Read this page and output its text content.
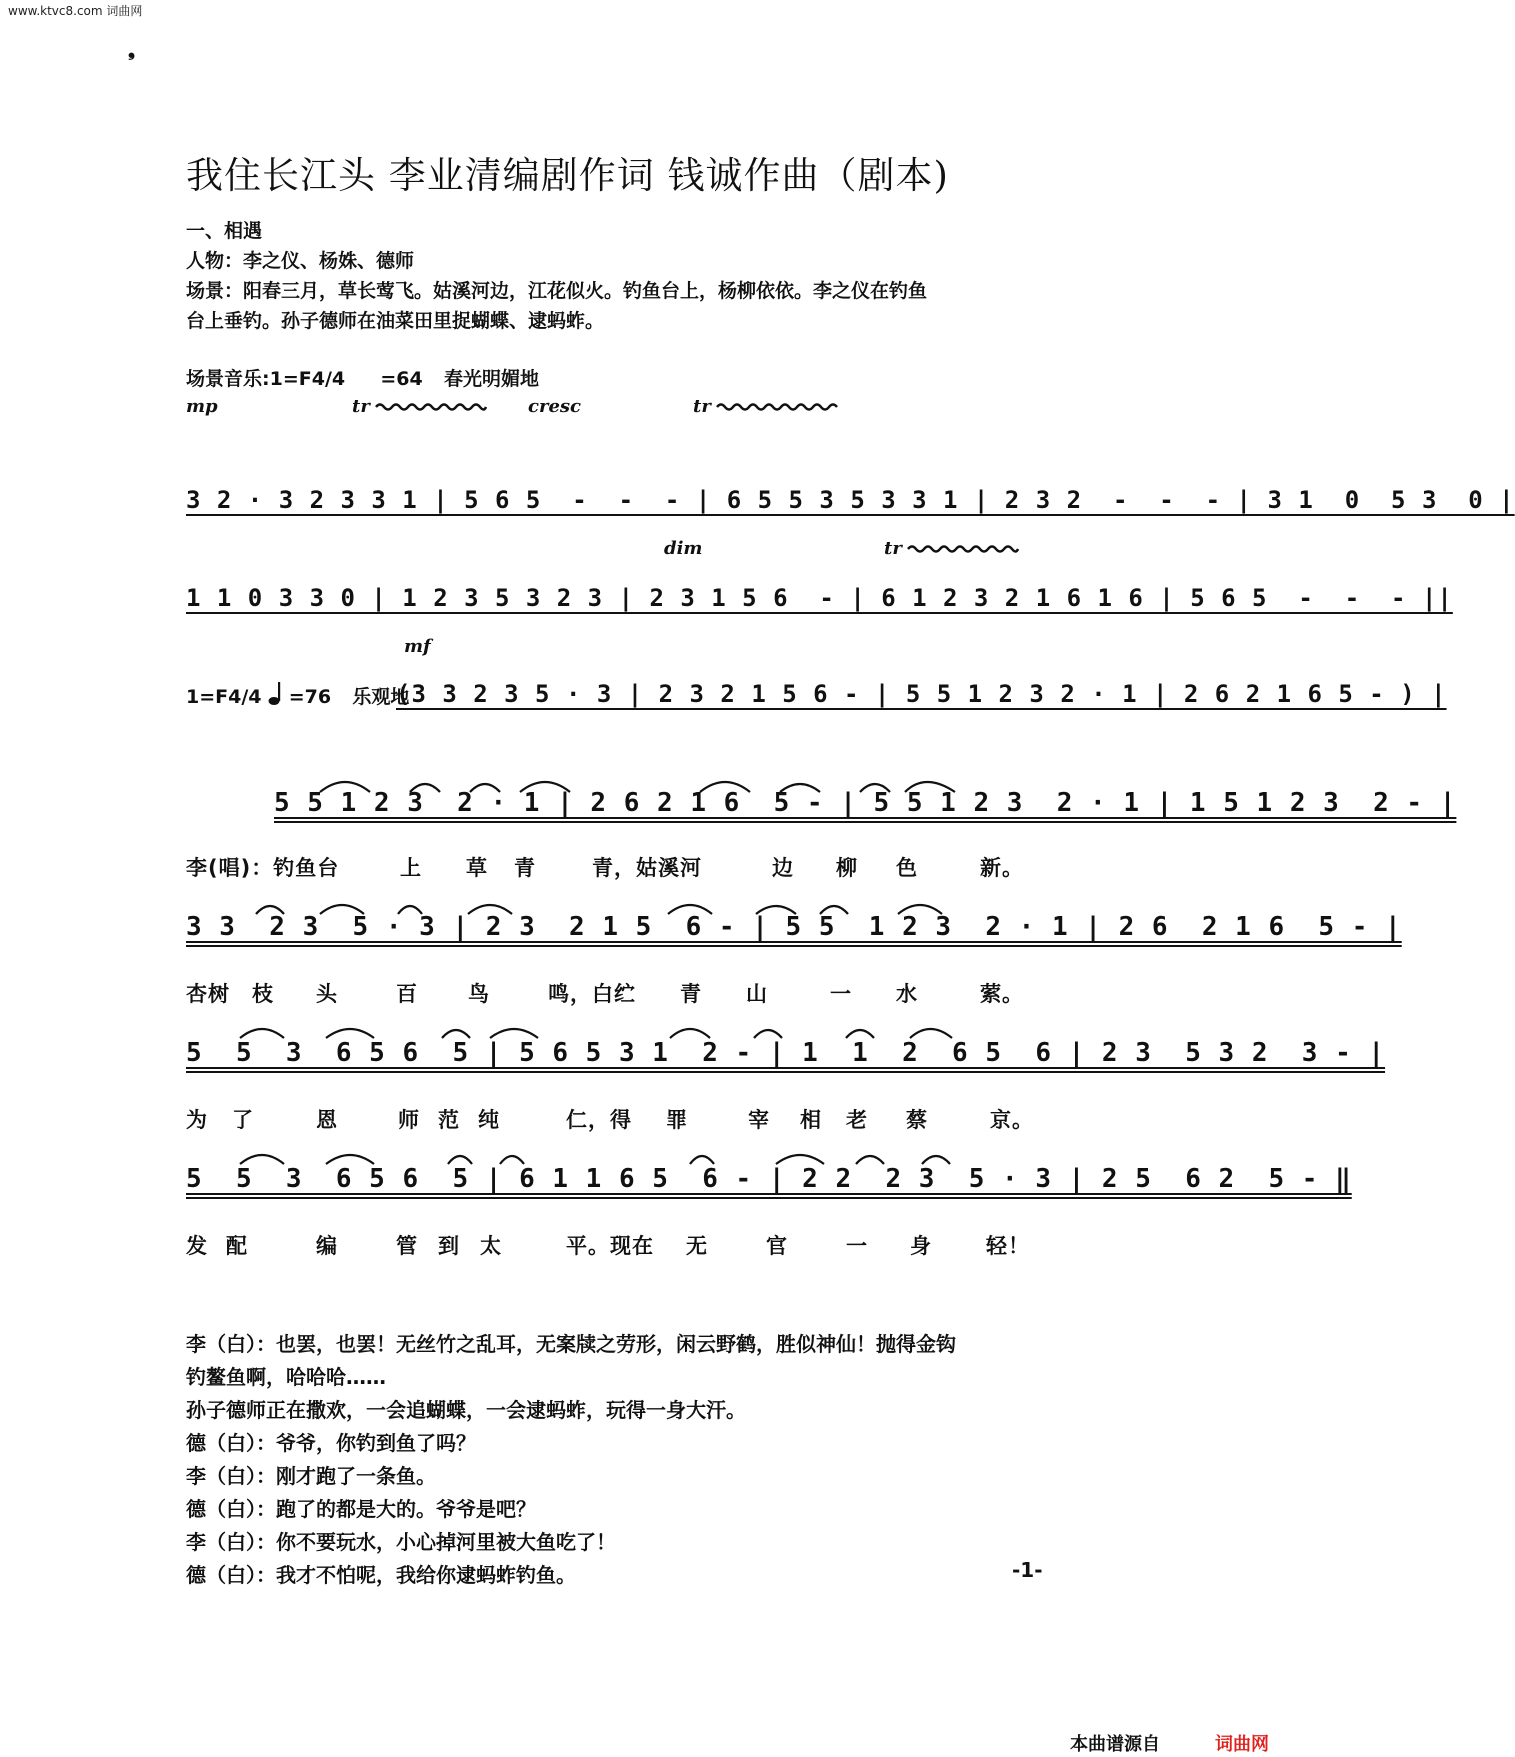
www.ktvc8.com 词曲网
❟
我住长江头 李业清编剧作词 钱诚作曲（剧本)
一、相遇
人物：李之仪、杨姝、德师
场景：阳春三月，草长莺飞。姑溪河边，江花似火。钓鱼台上，杨柳依依。李之仪在钓鱼
台上垂钓。孙子德师在油菜田里捉蝴蝶、逮蚂蚱。
场景音乐:1=F4/4 =64 春光明媚地
mp	tr	cresc	tr
3 2 · 3 2 3 3 1 | 5 6 5  -  -  - | 6 5 5 3 5 3 3 1 | 2 3 2  -  -  - | 3 1  0  5 3  0 |
dim	tr
1 1 0 3 3 0 | 1 2 3 5 3 2 3 | 2 3 1 5 6  - | 6 1 2 3 2 1 6 1 6 | 5 6 5  -  -  - ||
mf
1=F4/4 =76 乐观地
(3 3 2 3 5 · 3 | 2 3 2 1 5 6 - | 5 5 1 2 3 2 · 1 | 2 6 2 1 6 5 - ) |
5 5 1 2 3  2 · 1 | 2 6 2 1 6  5 - | 5 5 1 2 3  2 · 1 | 1 5 1 2 3  2 - |
李(唱)：钓鱼台	上 草 青	青，姑溪河	边 柳 色	新。
3 3  2 3  5 · 3 | 2 3  2 1 5  6 - | 5 5  1 2 3  2 · 1 | 2 6  2 1 6  5 - |
杏树 枝 头	百 鸟	鸣，白纻 青 山	一 水	萦。
5  5  3  6 5 6  5 | 5 6 5 3 1  2 - | 1  1  2  6 5  6 | 2 3  5 3 2  3 - |
为 了	恩	师 范 纯	仁，得 罪	宰 相 老 蔡	京。
5  5  3  6 5 6  5 | 6 1 1 6 5  6 - | 2 2  2 3  5 · 3 | 2 5  6 2  5 - ‖
发 配	编	管 到 太	平。现在 无	官	一 身	轻！
李（白）：也罢，也罢！无丝竹之乱耳，无案牍之劳形，闲云野鹤，胜似神仙！抛得金钩
钓鳌鱼啊，哈哈哈……
孙子德师正在撒欢，一会追蝴蝶，一会逮蚂蚱，玩得一身大汗。
德（白）：爷爷，你钓到鱼了吗？
李（白）：刚才跑了一条鱼。
德（白）：跑了的都是大的。爷爷是吧？
李（白）：你不要玩水，小心掉河里被大鱼吃了！
德（白）：我才不怕呢，我给你逮蚂蚱钓鱼。	-1-
本曲谱源自	词曲网
